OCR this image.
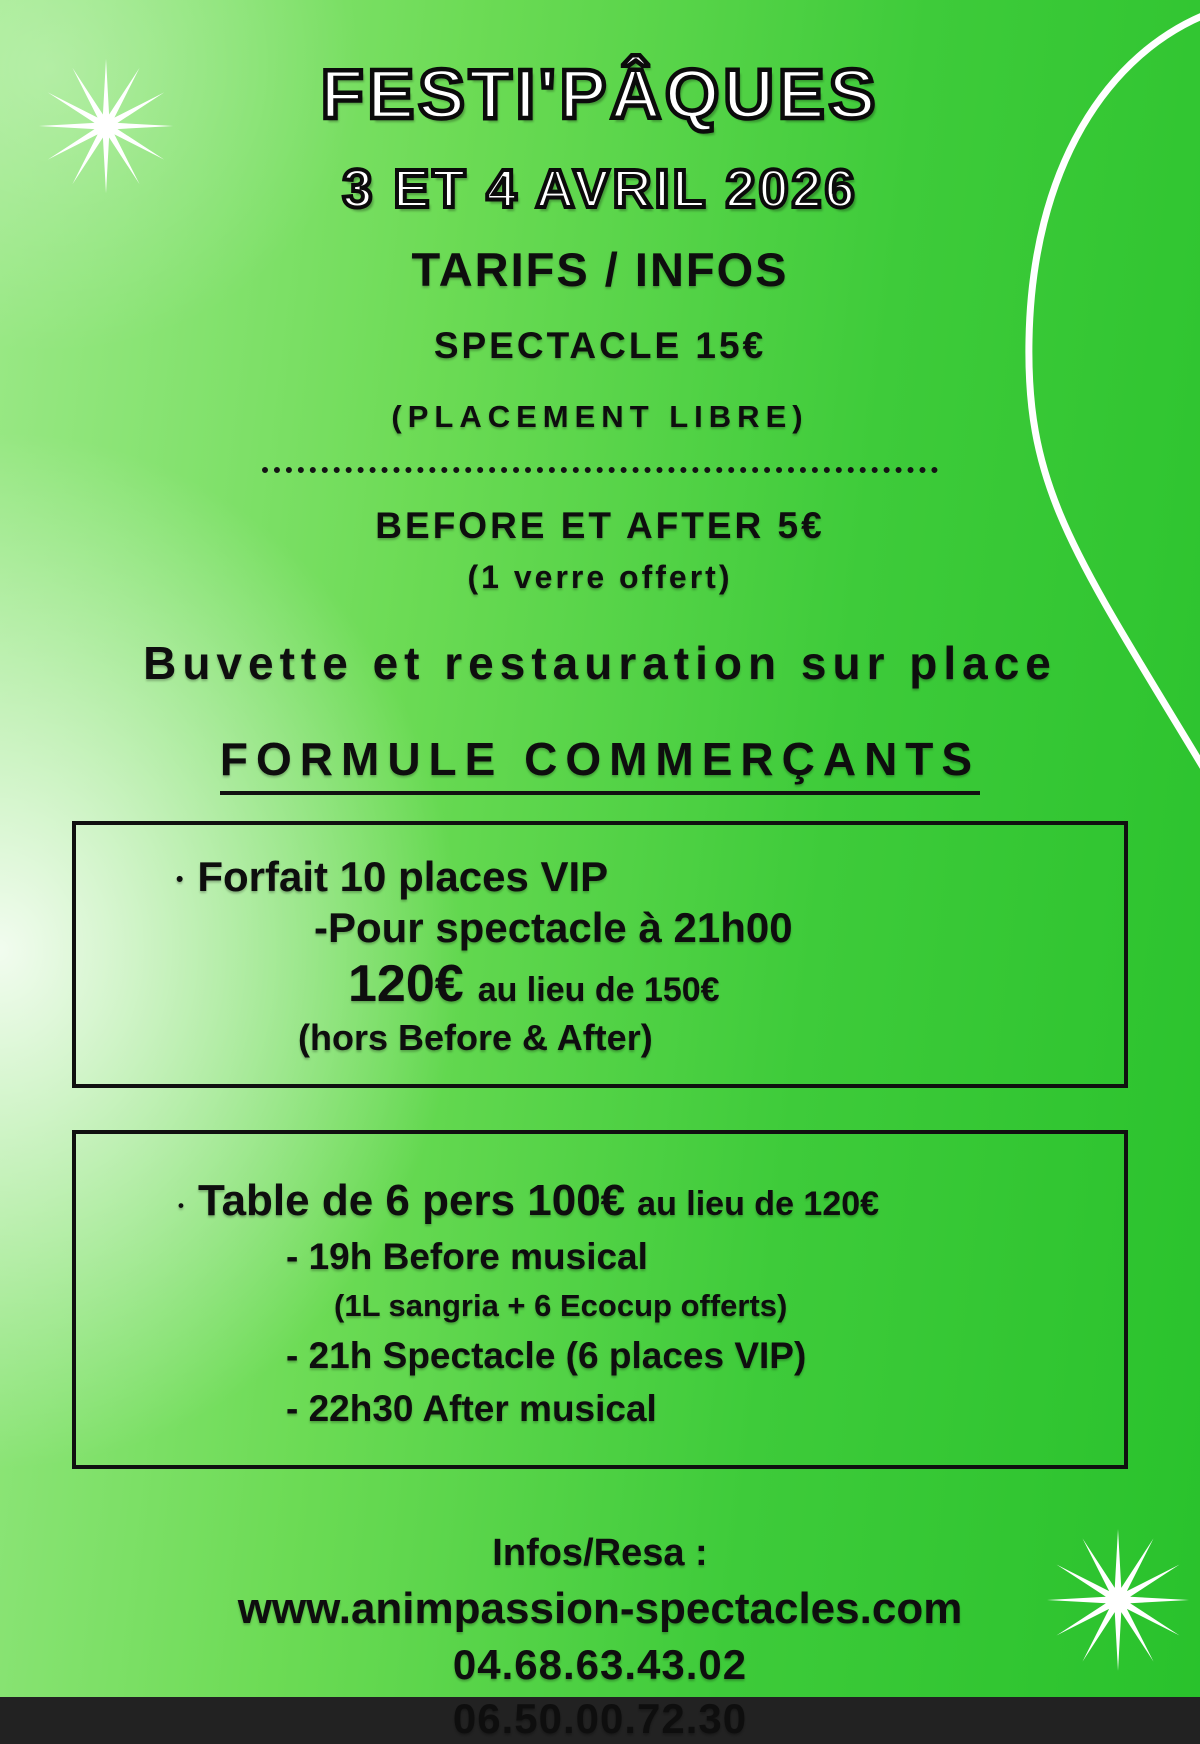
FESTI'PÂQUES
3 ET 4 AVRIL 2026
TARIFS / INFOS
SPECTACLE 15€
(PLACEMENT LIBRE)
BEFORE ET AFTER 5€
(1 verre offert)
Buvette et restauration sur place
FORMULE COMMERÇANTS
• Forfait 10 places VIP
-Pour spectacle à 21h00
120€ au lieu de 150€
(hors Before & After)
• Table de 6 pers 100€ au lieu de 120€
- 19h Before musical
(1L sangria + 6 Ecocup offerts)
- 21h Spectacle (6 places VIP)
- 22h30 After musical
Infos/Resa :
www.animpassion-spectacles.com
04.68.63.43.02
06.50.00.72.30
